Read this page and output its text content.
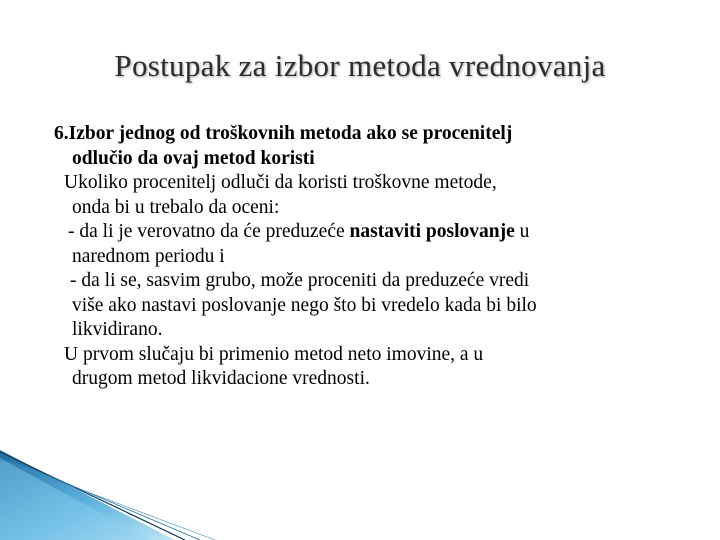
Postupak za izbor metoda vrednovanja

6.Izbor jednog od troškovnih metoda ako se procenitelj
odlučio da ovaj metod koristi

Ukoliko procenitelj odluči da koristi troškovne metode,
onda bi u trebalo da oceni:

- da li je verovatno da će preduzeće nastaviti poslovanje u
narednom periodu i

- da li se, sasvim grubo, može proceniti da preduzeće vredi
više ako nastavi poslovanje nego što bi vredelo kada bi bilo
likvidirano.

U prvom slučaju bi primenio metod neto imovine, a u
drugom metod likvidacione vrednosti.
